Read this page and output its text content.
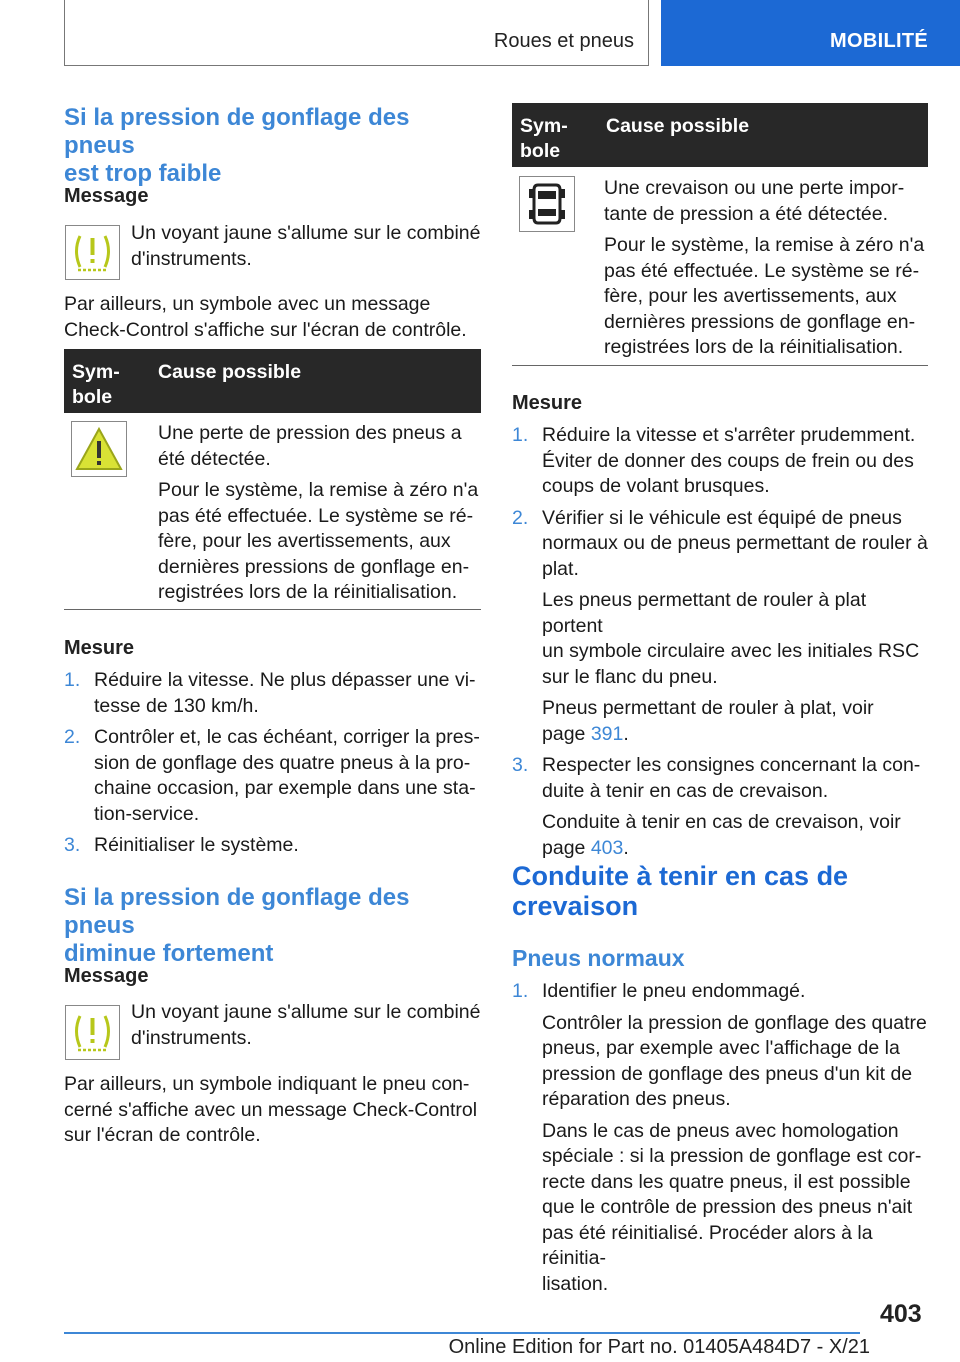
Roues et pneus	MOBILITÉ
Si la pression de gonflage des pneus
est trop faible
Message
Un voyant jaune s'allume sur le combiné
d'instruments.
Par ailleurs, un symbole avec un message
Check-Control s'affiche sur l'écran de contrôle.
Sym-
bole
Cause possible

Une perte de pression des pneus a
été détectée.

Pour le système, la remise à zéro n'a
pas été effectuée. Le système se ré-
fère, pour les avertissements, aux
dernières pressions de gonflage en-
registrées lors de la réinitialisation.

Mesure
1. Réduire la vitesse. Ne plus dépasser une vi-
tesse de 130 km/h.
2. Contrôler et, le cas échéant, corriger la pres-
sion de gonflage des quatre pneus à la pro-
chaine occasion, par exemple dans une sta-
tion-service.
3. Réinitialiser le système.
Si la pression de gonflage des pneus
diminue fortement
Message
Un voyant jaune s'allume sur le combiné
d'instruments.
Par ailleurs, un symbole indiquant le pneu con-
cerné s'affiche avec un message Check-Control
sur l'écran de contrôle.
Sym-
bole
Cause possible

Une crevaison ou une perte impor-
tante de pression a été détectée.

Pour le système, la remise à zéro n'a
pas été effectuée. Le système se ré-
fère, pour les avertissements, aux
dernières pressions de gonflage en-
registrées lors de la réinitialisation.

Mesure
1. Réduire la vitesse et s'arrêter prudemment.
Éviter de donner des coups de frein ou des
coups de volant brusques.
2. Vérifier si le véhicule est équipé de pneus
normaux ou de pneus permettant de rouler à
plat.

Les pneus permettant de rouler à plat portent
un symbole circulaire avec les initiales RSC
sur le flanc du pneu.

Pneus permettant de rouler à plat, voir
page 391.

3. Respecter les consignes concernant la con-
duite à tenir en cas de crevaison.

Conduite à tenir en cas de crevaison, voir
page 403.

Conduite à tenir en cas de
crevaison
Pneus normaux
1. Identifier le pneu endommagé.

Contrôler la pression de gonflage des quatre
pneus, par exemple avec l'affichage de la
pression de gonflage des pneus d'un kit de
réparation des pneus.

Dans le cas de pneus avec homologation
spéciale : si la pression de gonflage est cor-
recte dans les quatre pneus, il est possible
que le contrôle de pression des pneus n'ait
pas été réinitialisé. Procéder alors à la réinitia-
lisation.

403
Online Edition for Part no. 01405A484D7 - X/21
